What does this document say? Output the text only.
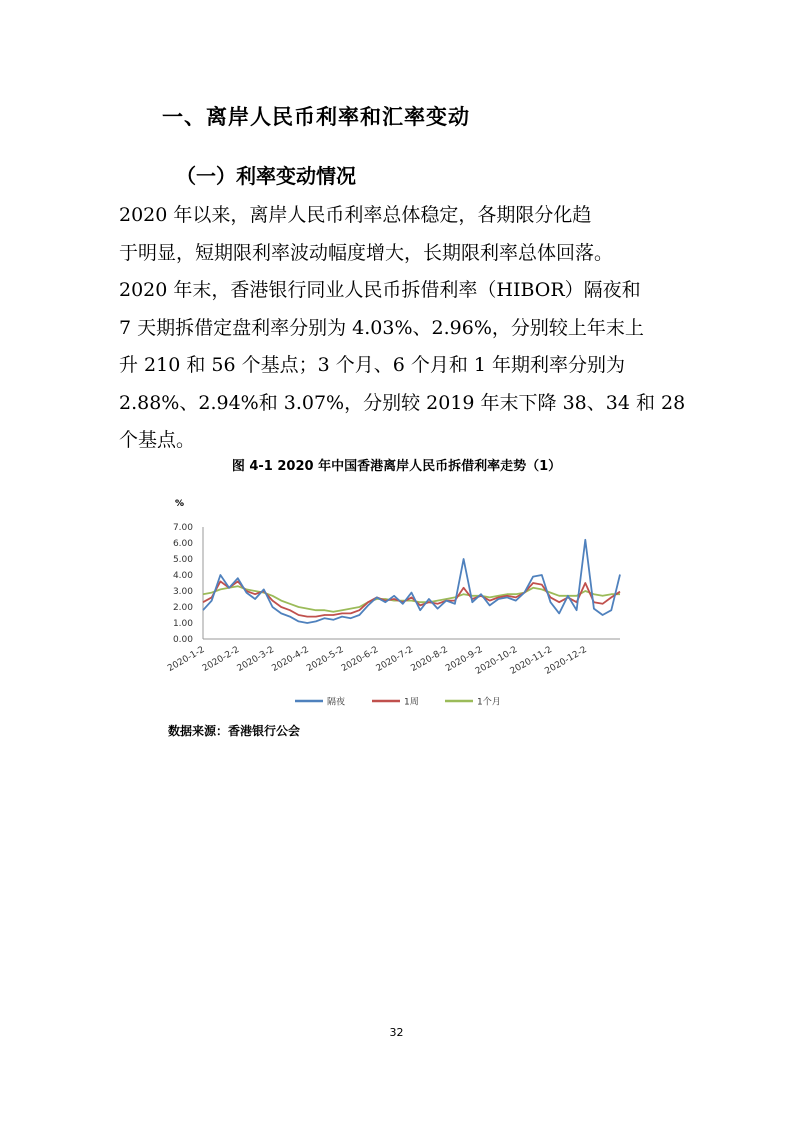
一、离岸人民币利率和汇率变动
（一）利率变动情况

2020 年以来，离岸人民币利率总体稳定，各期限分化趋

于明显，短期限利率波动幅度增大，长期限利率总体回落。

2020 年末，香港银行同业人民币拆借利率（HIBOR）隔夜和

7 天期拆借定盘利率分别为 4.03%、2.96%，分别较上年末上

升 210 和 56 个基点；3 个月、6 个月和 1 年期利率分别为

2.88%、2.94%和 3.07%，分别较 2019 年末下降 38、34 和 28

个基点。

图 4-1 2020 年中国香港离岸人民币拆借利率走势（1）
%
0.00
1.00
2.00
3.00
4.00
5.00
6.00
7.00
2020-1-2
2020-2-2
2020-3-2
2020-4-2
2020-5-2
2020-6-2
2020-7-2
2020-8-2
2020-9-2
2020-10-2
2020-11-2
2020-12-2
隔夜	1周	1个月
数据来源：香港银行公会
32
